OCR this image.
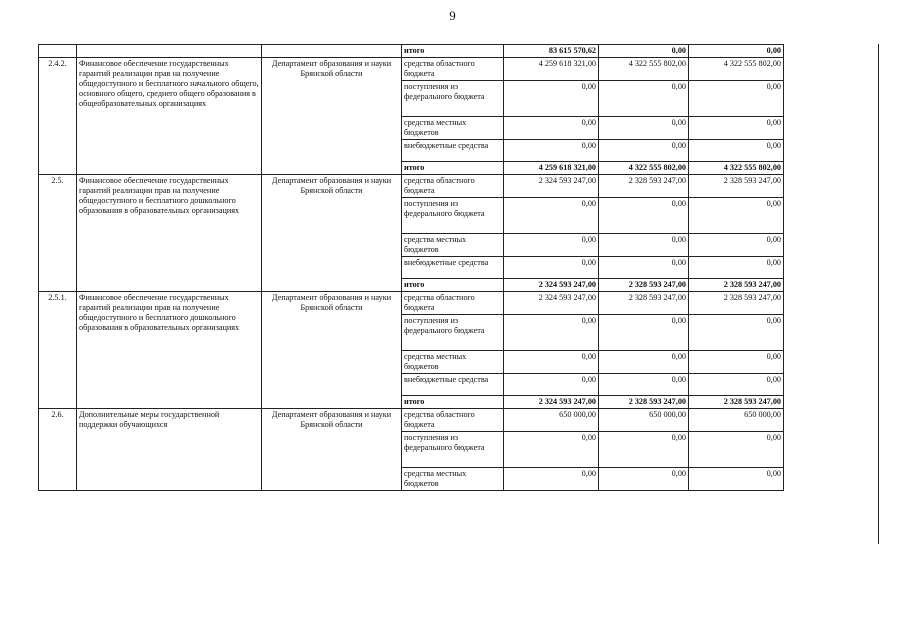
9
			итого	83 615 570,62	0,00	0,00
2.4.2.	Финансовое обеспечение государственных гарантий реализации прав на получение общедоступного и бесплатного начального общего, основного общего, среднего общего образования в общеобразовательных организациях	Департамент образования и науки Брянской области	средства областного бюджета	4 259 618 321,00	4 322 555 802,00	4 322 555 802,00
			поступления из федерального бюджета	0,00	0,00	0,00
			средства местных бюджетов	0,00	0,00	0,00
			внебюджетные средства	0,00	0,00	0,00
			итого	4 259 618 321,00	4 322 555 802,00	4 322 555 802,00
2.5.	Финансовое обеспечение государственных гарантий реализации прав на получение общедоступного и бесплатного дошкольного образования в образовательных организациях	Департамент образования и науки Брянской области	средства областного бюджета	2 324 593 247,00	2 328 593 247,00	2 328 593 247,00
			поступления из федерального бюджета	0,00	0,00	0,00
			средства местных бюджетов	0,00	0,00	0,00
			внебюджетные средства	0,00	0,00	0,00
			итого	2 324 593 247,00	2 328 593 247,00	2 328 593 247,00
2.5.1.	Финансовое обеспечение государственных гарантий реализации прав на получение общедоступного и бесплатного дошкольного образования в образовательных организациях	Департамент образования и науки Брянской области	средства областного бюджета	2 324 593 247,00	2 328 593 247,00	2 328 593 247,00
			поступления из федерального бюджета	0,00	0,00	0,00
			средства местных бюджетов	0,00	0,00	0,00
			внебюджетные средства	0,00	0,00	0,00
			итого	2 324 593 247,00	2 328 593 247,00	2 328 593 247,00
2.6.	Дополнительные меры государственной поддержки обучающихся	Департамент образования и науки Брянской области	средства областного бюджета	650 000,00	650 000,00	650 000,00
			поступления из федерального бюджета	0,00	0,00	0,00
			средства местных бюджетов	0,00	0,00	0,00
